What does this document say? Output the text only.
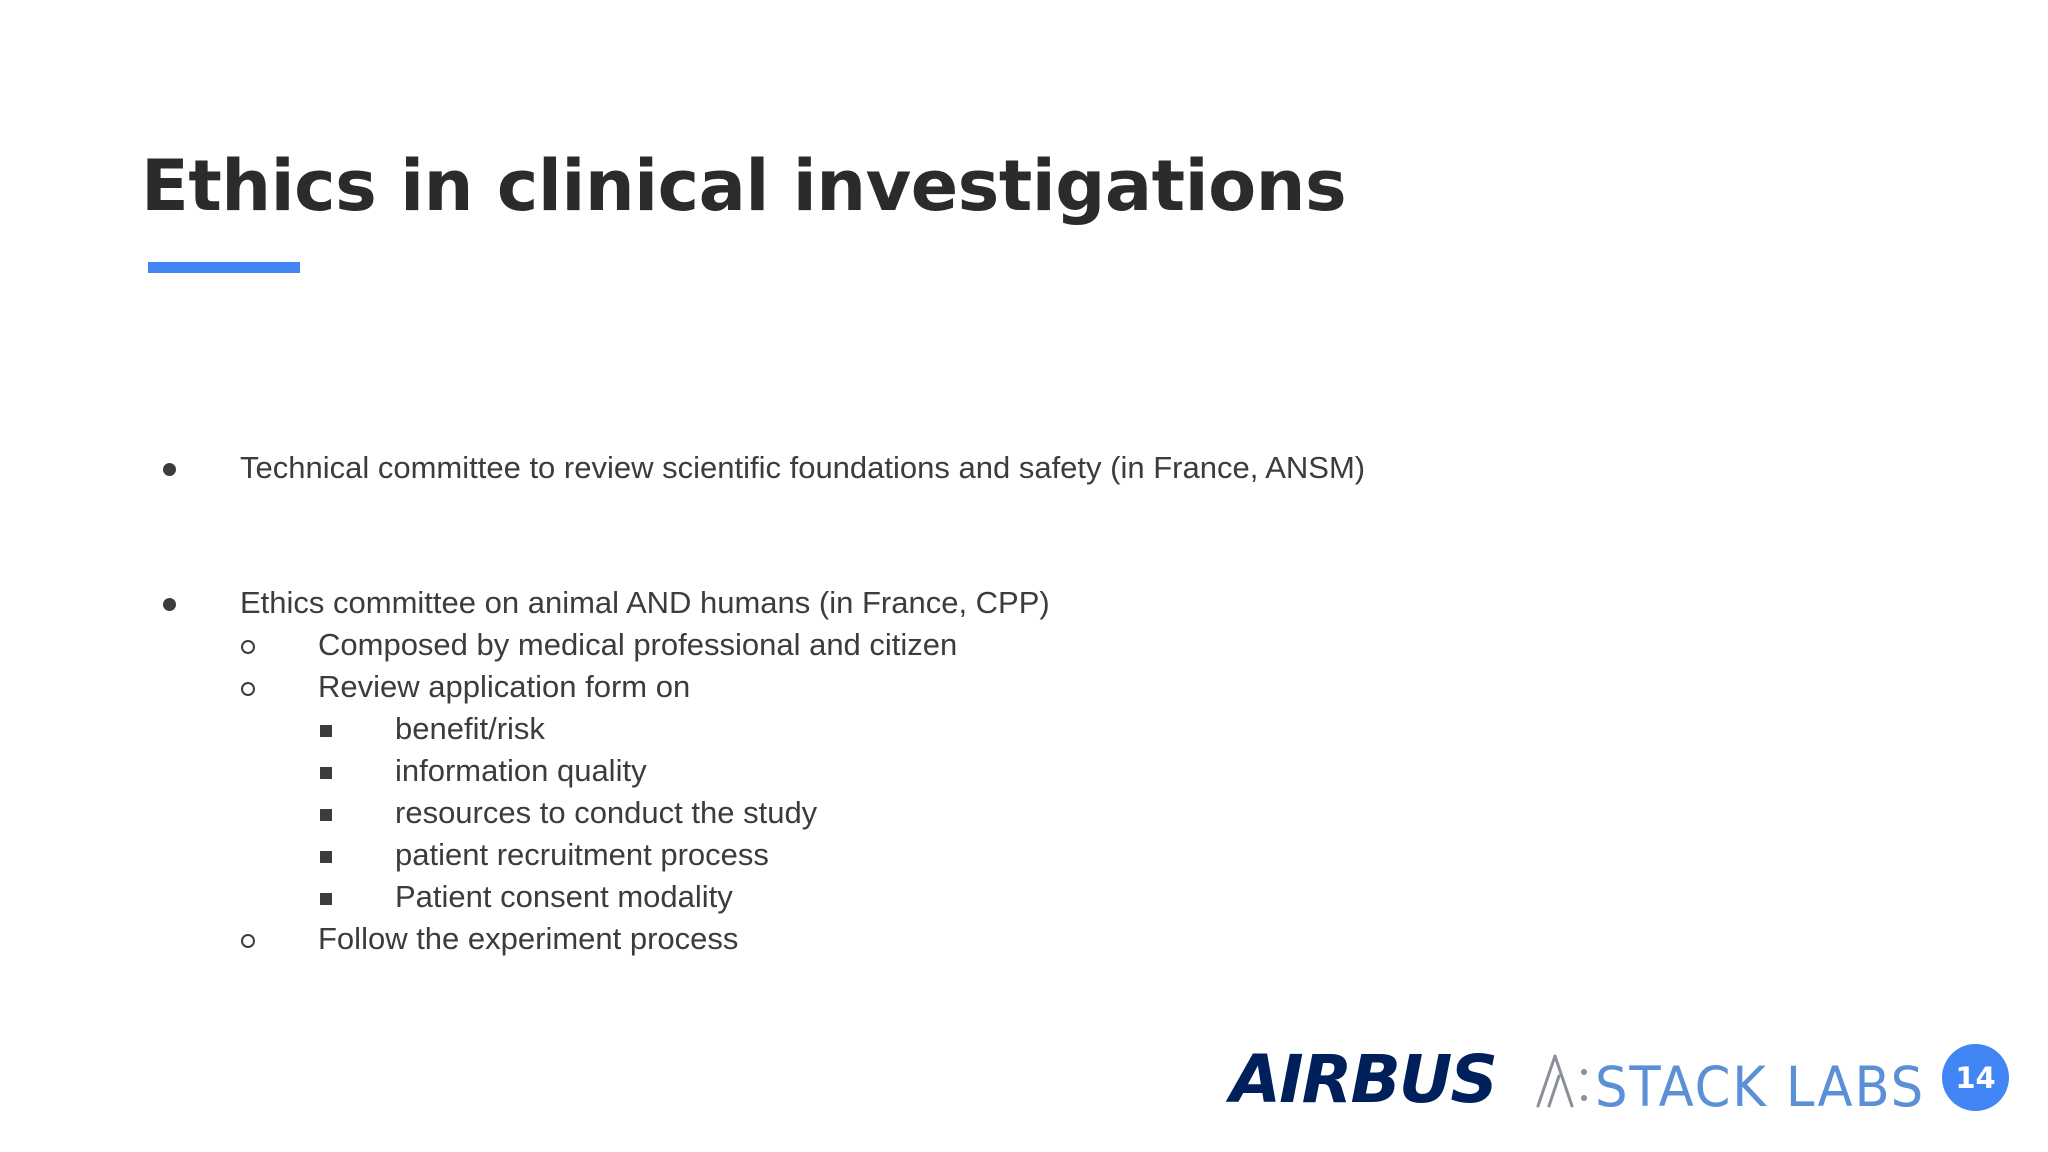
Ethics in clinical investigations
Technical committee to review scientific foundations and safety (in France, ANSM)
Ethics committee on animal AND humans (in France, CPP)
Composed by medical professional and citizen
Review application form on
benefit/risk
information quality
resources to conduct the study
patient recruitment process
Patient consent modality
Follow the experiment process
AIRBUS STACK LABS	14
